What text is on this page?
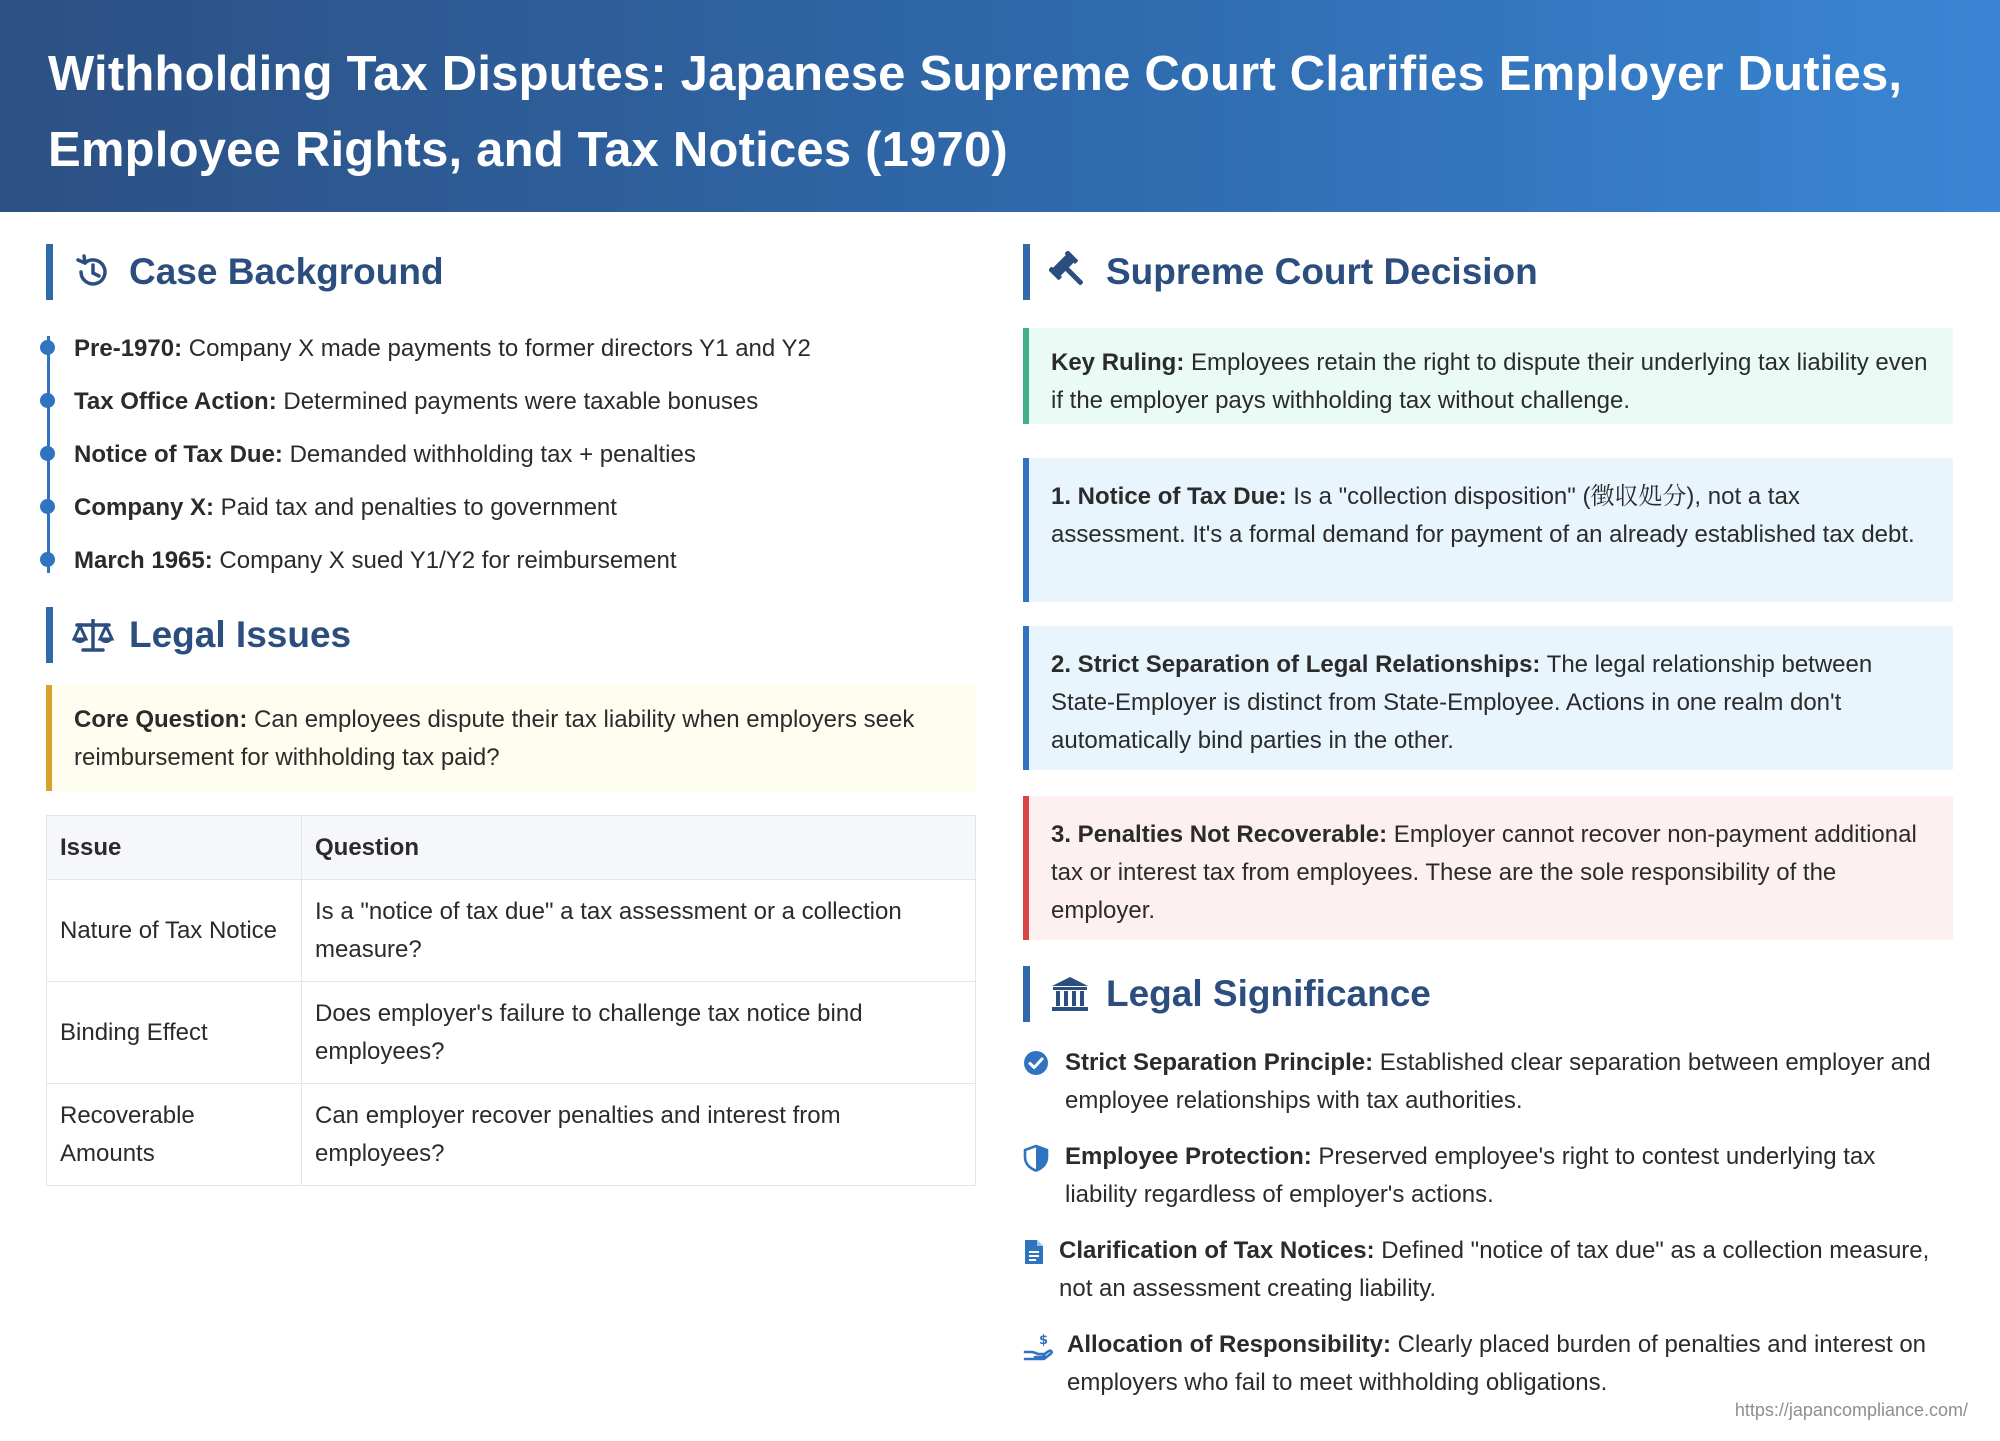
Withholding Tax Disputes: Japanese Supreme Court Clarifies Employer Duties,
Employee Rights, and Tax Notices (1970)
Case Background
Pre-1970: Company X made payments to former directors Y1 and Y2
Tax Office Action: Determined payments were taxable bonuses
Notice of Tax Due: Demanded withholding tax + penalties
Company X: Paid tax and penalties to government
March 1965: Company X sued Y1/Y2 for reimbursement
Legal Issues
Core Question: Can employees dispute their tax liability when employers seek reimbursement for withholding tax paid?
Issue	Question
Nature of Tax Notice	Is a "notice of tax due" a tax assessment or a collection measure?
Binding Effect	Does employer's failure to challenge tax notice bind employees?
Recoverable Amounts	Can employer recover penalties and interest from employees?
Supreme Court Decision
Key Ruling: Employees retain the right to dispute their underlying tax liability even if the employer pays withholding tax without challenge.
1. Notice of Tax Due: Is a "collection disposition" (徴収処分), not a tax assessment. It's a formal demand for payment of an already established tax debt.
2. Strict Separation of Legal Relationships: The legal relationship between State-Employer is distinct from State-Employee. Actions in one realm don't automatically bind parties in the other.
3. Penalties Not Recoverable: Employer cannot recover non-payment additional tax or interest tax from employees. These are the sole responsibility of the employer.
Legal Significance
Strict Separation Principle: Established clear separation between employer and employee relationships with tax authorities.
Employee Protection: Preserved employee's right to contest underlying tax liability regardless of employer's actions.
Clarification of Tax Notices: Defined "notice of tax due" as a collection measure, not an assessment creating liability.
$ Allocation of Responsibility: Clearly placed burden of penalties and interest on employers who fail to meet withholding obligations.
https://japancompliance.com/
